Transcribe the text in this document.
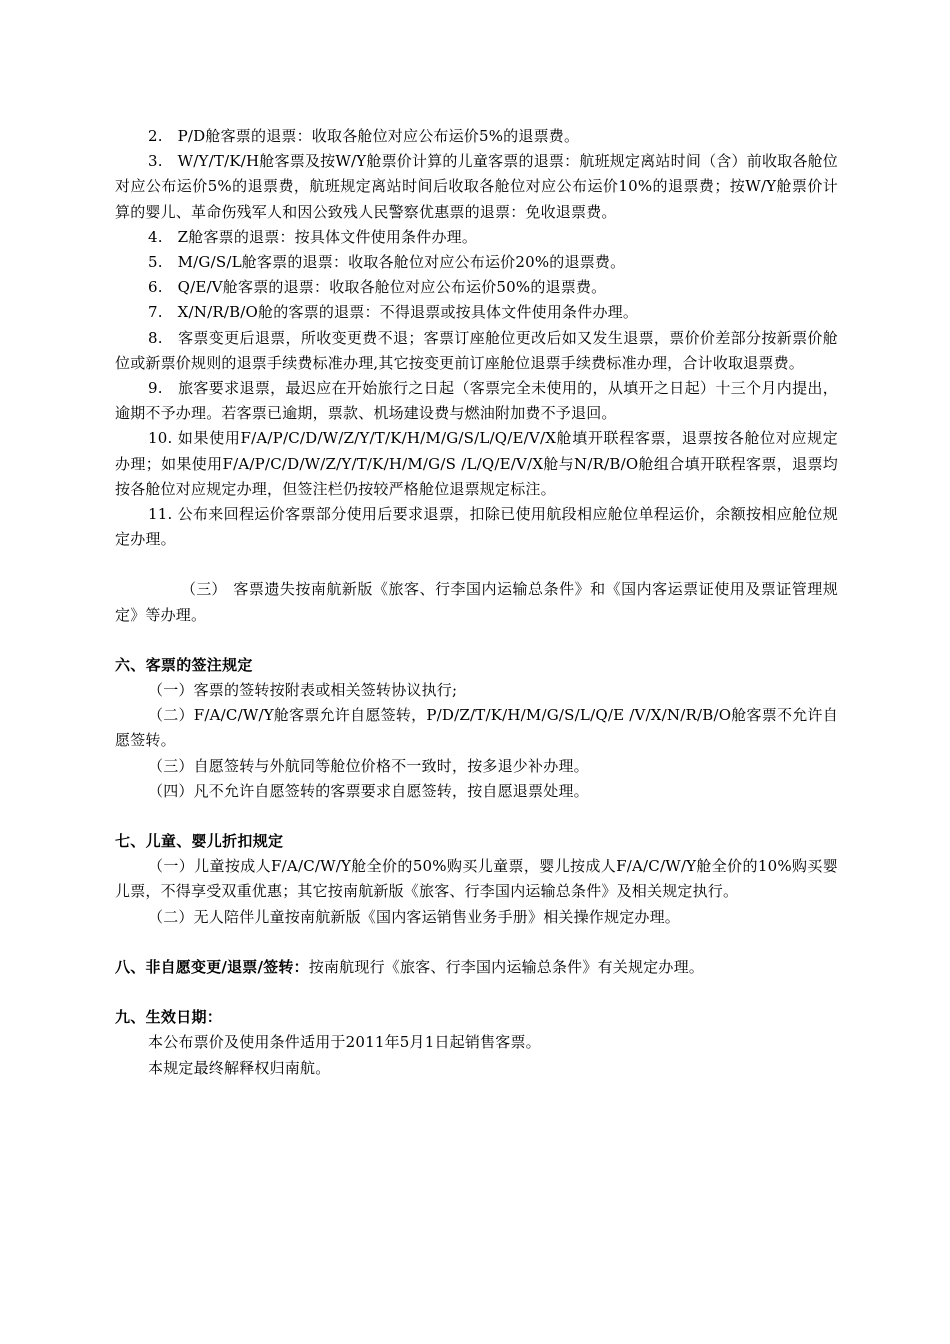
2.   P/D舱客票的退票：收取各舱位对应公布运价5%的退票费。

3.   W/Y/T/K/H舱客票及按W/Y舱票价计算的儿童客票的退票：航班规定离站时间（含）前收取各舱位对应公布运价5%的退票费，航班规定离站时间后收取各舱位对应公布运价10%的退票费；按W/Y舱票价计算的婴儿、革命伤残军人和因公致残人民警察优惠票的退票：免收退票费。

4.   Z舱客票的退票：按具体文件使用条件办理。

5.   M/G/S/L舱客票的退票：收取各舱位对应公布运价20%的退票费。

6.   Q/E/V舱客票的退票：收取各舱位对应公布运价50%的退票费。

7.   X/N/R/B/O舱的客票的退票：不得退票或按具体文件使用条件办理。

8.   客票变更后退票，所收变更费不退；客票订座舱位更改后如又发生退票，票价价差部分按新票价舱位或新票价规则的退票手续费标准办理,其它按变更前订座舱位退票手续费标准办理，合计收取退票费。

9.   旅客要求退票，最迟应在开始旅行之日起（客票完全未使用的，从填开之日起）十三个月内提出，逾期不予办理。若客票已逾期，票款、机场建设费与燃油附加费不予退回。

10. 如果使用F/A/P/C/D/W/Z/Y/T/K/H/M/G/S/L/Q/E/V/X舱填开联程客票，退票按各舱位对应规定办理；如果使用F/A/P/C/D/W/Z/Y/T/K/H/M/G/S /L/Q/E/V/X舱与N/R/B/O舱组合填开联程客票，退票均按各舱位对应规定办理，但签注栏仍按较严格舱位退票规定标注。

11. 公布来回程运价客票部分使用后要求退票，扣除已使用航段相应舱位单程运价，余额按相应舱位规定办理。

（三） 客票遗失按南航新版《旅客、行李国内运输总条件》和《国内客运票证使用及票证管理规定》等办理。

六、客票的签注规定

（一）客票的签转按附表或相关签转协议执行;

（二）F/A/C/W/Y舱客票允许自愿签转，P/D/Z/T/K/H/M/G/S/L/Q/E /V/X/N/R/B/O舱客票不允许自愿签转。

（三）自愿签转与外航同等舱位价格不一致时，按多退少补办理。

（四）凡不允许自愿签转的客票要求自愿签转，按自愿退票处理。

七、儿童、婴儿折扣规定

（一）儿童按成人F/A/C/W/Y舱全价的50%购买儿童票，婴儿按成人F/A/C/W/Y舱全价的10%购买婴儿票，不得享受双重优惠；其它按南航新版《旅客、行李国内运输总条件》及相关规定执行。

（二）无人陪伴儿童按南航新版《国内客运销售业务手册》相关操作规定办理。

八、非自愿变更/退票/签转：按南航现行《旅客、行李国内运输总条件》有关规定办理。

九、生效日期：

本公布票价及使用条件适用于2011年5月1日起销售客票。

本规定最终解释权归南航。
